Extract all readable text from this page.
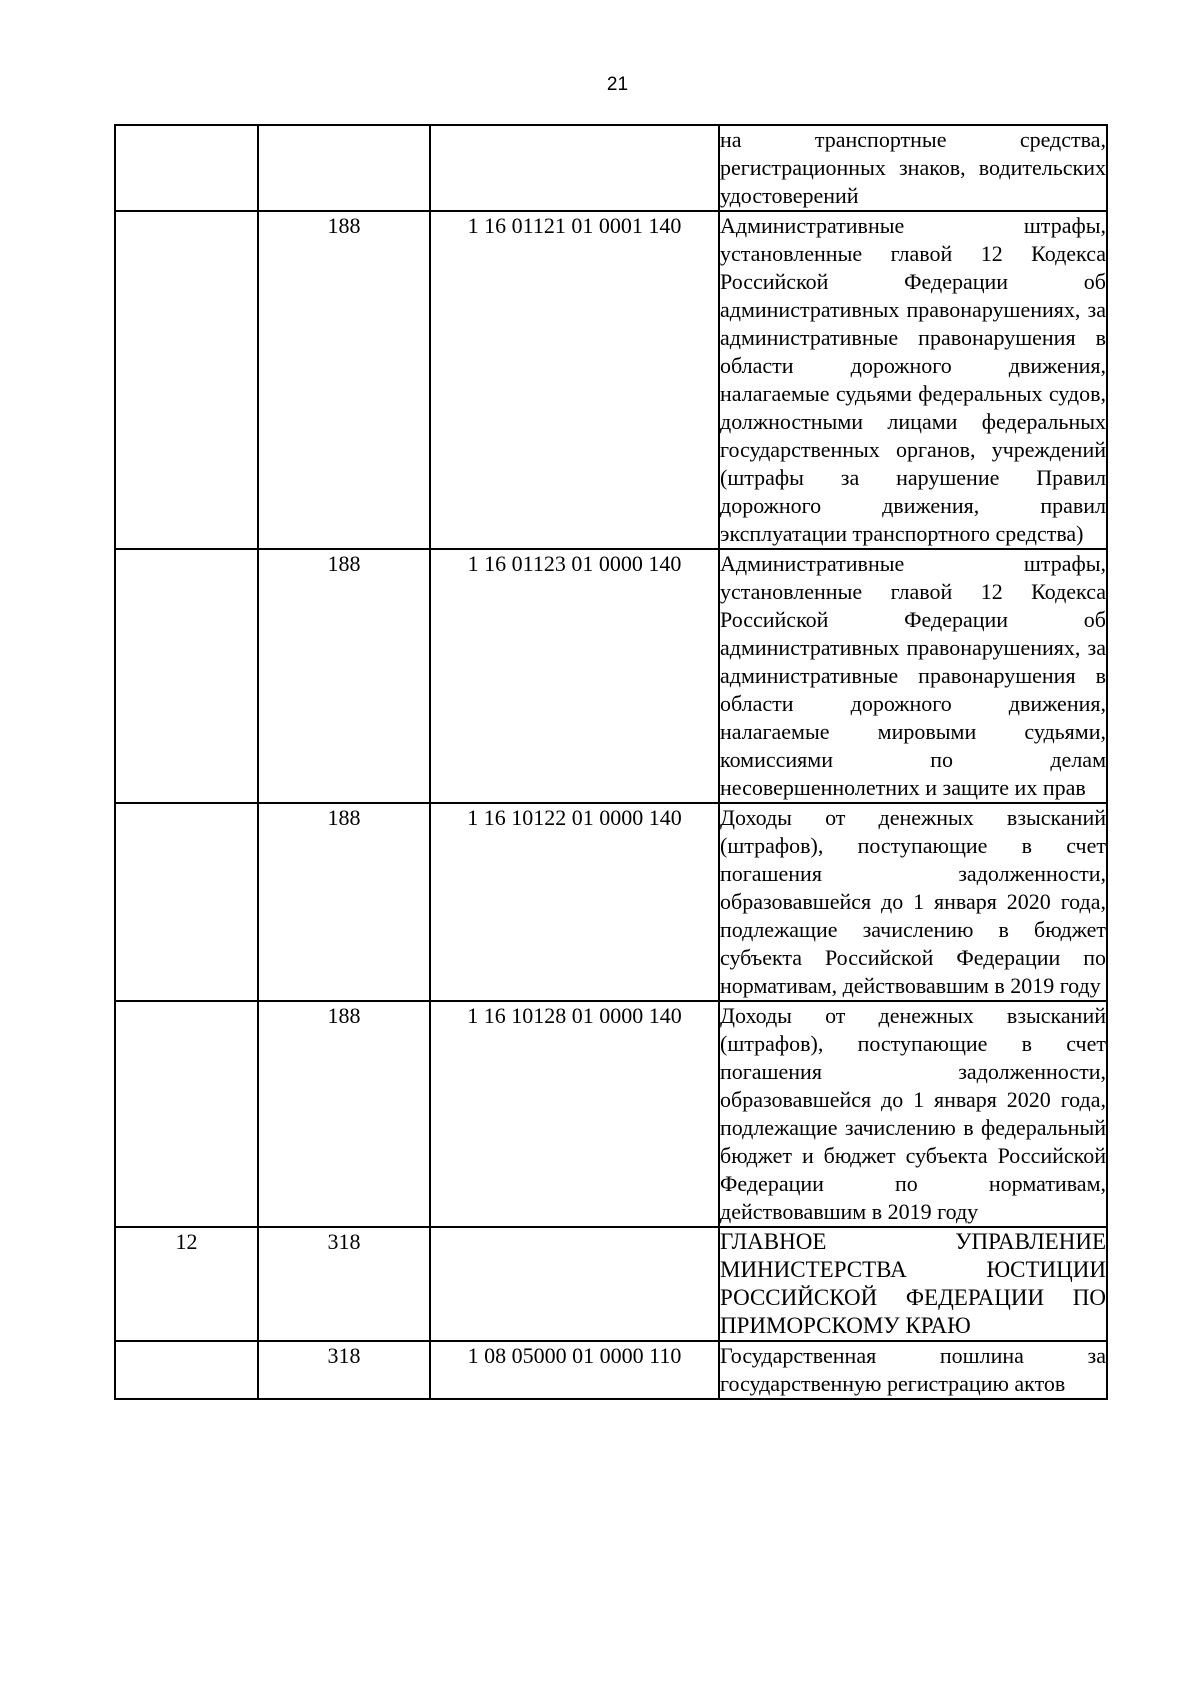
21
			на транспортные средства, регистрационных знаков, водительских удостоверений
	188	1 16 01121 01 0001 140	Административные штрафы, установленные главой 12 Кодекса Российской Федерации об административных правонарушениях, за административные правонарушения в области дорожного движения, налагаемые судьями федеральных судов, должностными лицами федеральных государственных органов, учреждений (штрафы за нарушение Правил дорожного движения, правил эксплуатации транспортного средства)
	188	1 16 01123 01 0000 140	Административные штрафы, установленные главой 12 Кодекса Российской Федерации об административных правонарушениях, за административные правонарушения в области дорожного движения, налагаемые мировыми судьями, комиссиями по делам несовершеннолетних и защите их прав
	188	1 16 10122 01 0000 140	Доходы от денежных взысканий (штрафов), поступающие в счет погашения задолженности, образовавшейся до 1 января 2020 года, подлежащие зачислению в бюджет субъекта Российской Федерации по нормативам, действовавшим в 2019 году
	188	1 16 10128 01 0000 140	Доходы от денежных взысканий (штрафов), поступающие в счет погашения задолженности, образовавшейся до 1 января 2020 года, подлежащие зачислению в федеральный бюджет и бюджет субъекта Российской Федерации по нормативам, действовавшим в 2019 году
12	318		ГЛАВНОЕ УПРАВЛЕНИЕ МИНИСТЕРСТВА ЮСТИЦИИ РОССИЙСКОЙ ФЕДЕРАЦИИ ПО ПРИМОРСКОМУ КРАЮ
	318	1 08 05000 01 0000 110	Государственная пошлина за государственную регистрацию актов
